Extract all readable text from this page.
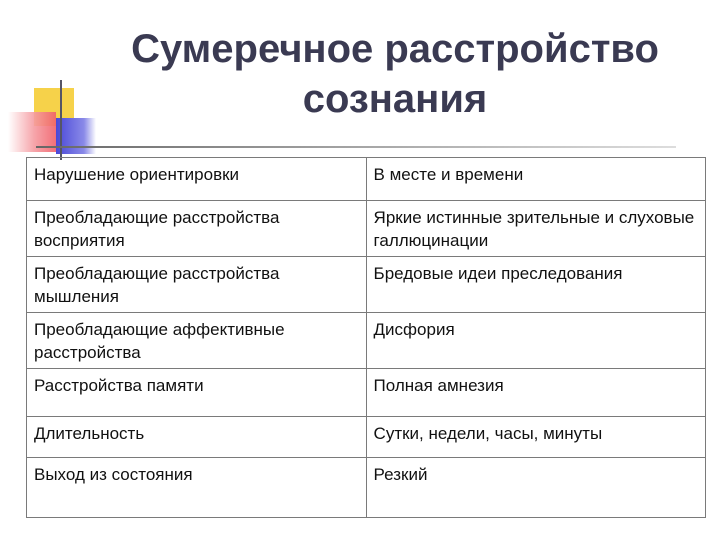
Сумеречное расстройство
сознания
Нарушение ориентировки	В месте и времени
Преобладающие расстройства восприятия	Яркие истинные зрительные и слуховые галлюцинации
Преобладающие расстройства мышления	Бредовые идеи преследования
Преобладающие аффективные расстройства	Дисфория
Расстройства памяти	Полная амнезия
Длительность	Сутки, недели, часы, минуты
Выход из состояния	Резкий
